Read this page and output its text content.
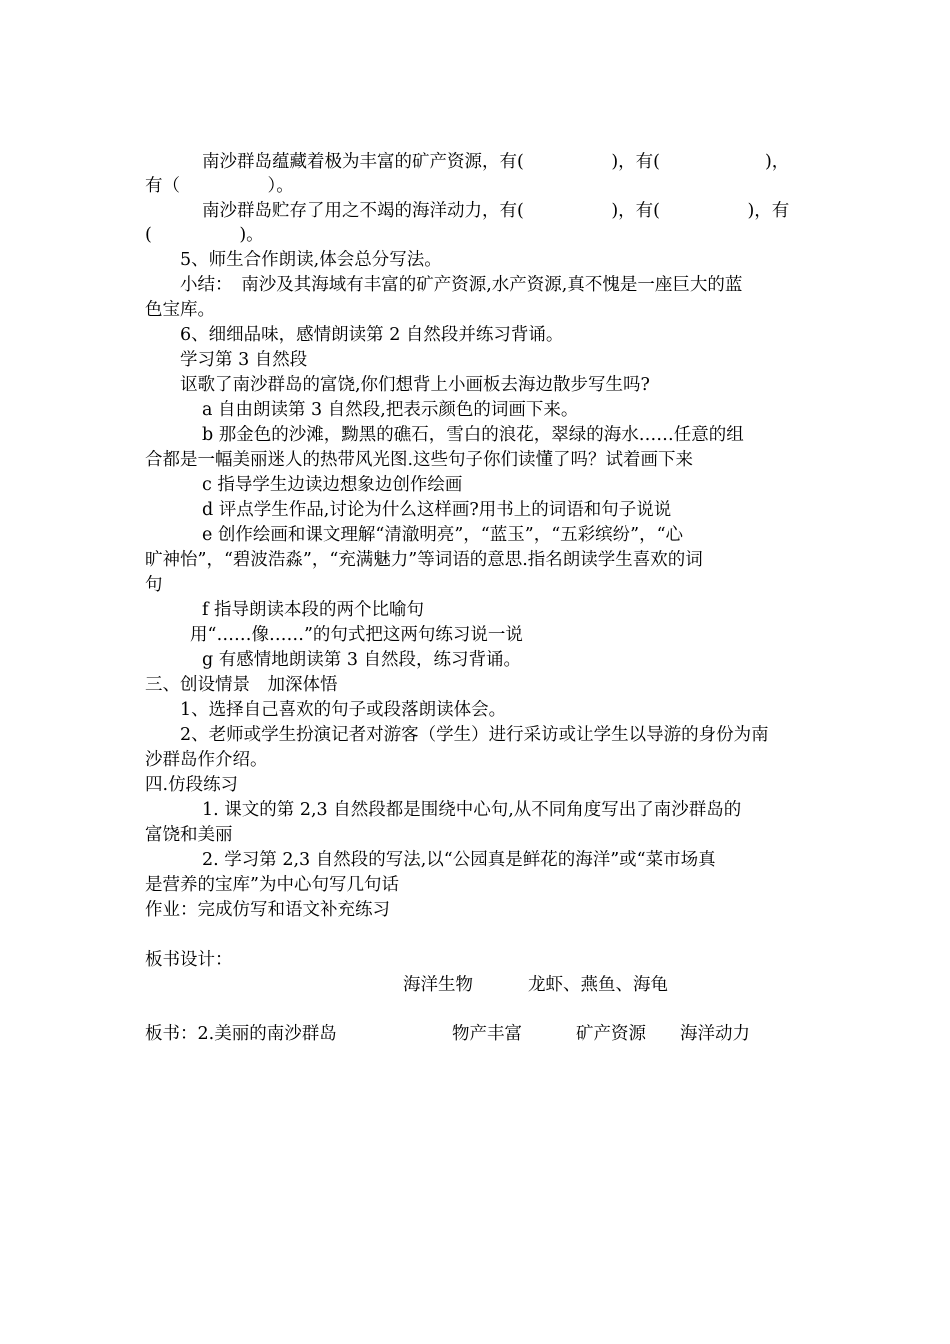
南沙群岛蕴藏着极为丰富的矿产资源，有(　　　　　)，有(　　　　　　)，
有（　　　　　）。
南沙群岛贮存了用之不竭的海洋动力，有(　　　　　)，有(　　　　　)，有
(　　　　　)。
5、师生合作朗读,体会总分写法。
小结：　南沙及其海域有丰富的矿产资源,水产资源,真不愧是一座巨大的蓝
色宝库。
6、细细品味，感情朗读第 2 自然段并练习背诵。
学习第 3 自然段
讴歌了南沙群岛的富饶,你们想背上小画板去海边散步写生吗?
a 自由朗读第 3 自然段,把表示颜色的词画下来。
b 那金色的沙滩，黝黑的礁石，雪白的浪花，翠绿的海水……任意的组
合都是一幅美丽迷人的热带风光图.这些句子你们读懂了吗？试着画下来
c 指导学生边读边想象边创作绘画
d 评点学生作品,讨论为什么这样画?用书上的词语和句子说说
e 创作绘画和课文理解“清澈明亮”，“蓝玉”，“五彩缤纷”，“心
旷神怡”，“碧波浩淼”，“充满魅力”等词语的意思.指名朗读学生喜欢的词
句
f 指导朗读本段的两个比喻句
用“……像……”的句式把这两句练习说一说
g 有感情地朗读第 3 自然段，练习背诵。
三、创设情景　加深体悟
1、选择自己喜欢的句子或段落朗读体会。
2、老师或学生扮演记者对游客（学生）进行采访或让学生以导游的身份为南
沙群岛作介绍。
四.仿段练习
1. 课文的第 2,3 自然段都是围绕中心句,从不同角度写出了南沙群岛的
富饶和美丽
2. 学习第 2,3 自然段的写法,以“公园真是鲜花的海洋”或“菜市场真
是营养的宝库”为中心句写几句话
作业：完成仿写和语文补充练习
板书设计：
海洋生物	龙虾、燕鱼、海龟
板书：2.美丽的南沙群岛	物产丰富	矿产资源 海洋动力
